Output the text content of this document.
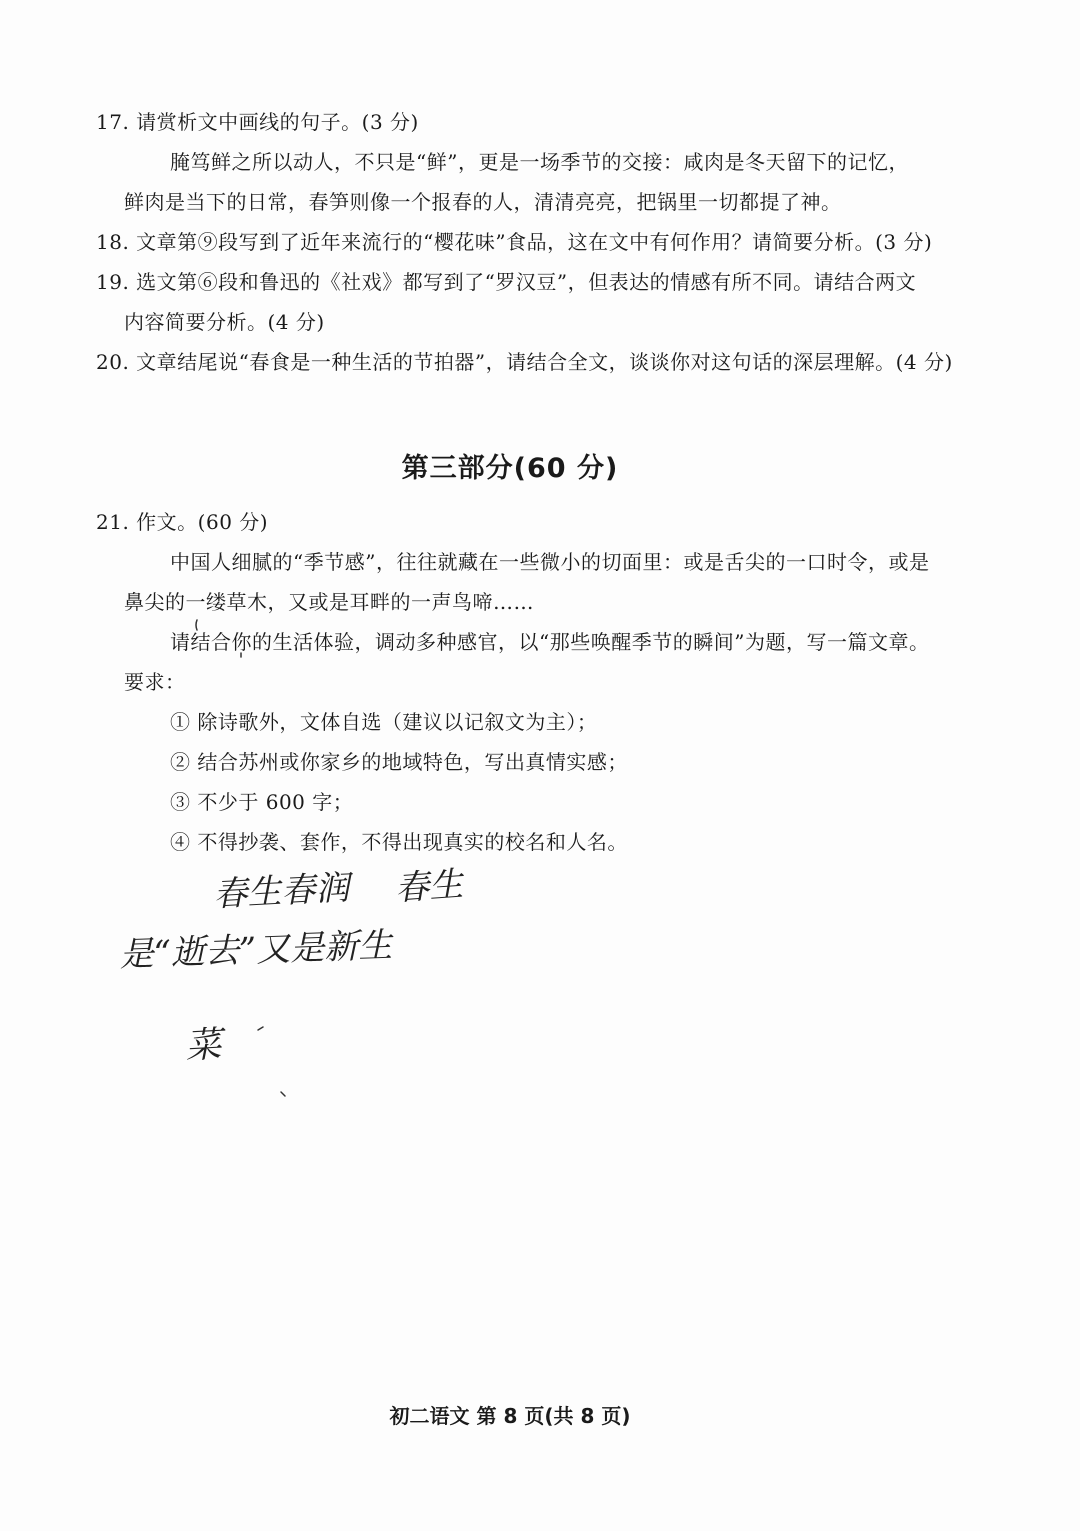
17. 请赏析文中画线的句子。(3 分)
腌笃鲜之所以动人，不只是“鲜”，更是一场季节的交接：咸肉是冬天留下的记忆，
鲜肉是当下的日常，春笋则像一个报春的人，清清亮亮，把锅里一切都提了神。
18. 文章第⑨段写到了近年来流行的“樱花味”食品，这在文中有何作用？请简要分析。(3 分)
19. 选文第⑥段和鲁迅的《社戏》都写到了“罗汉豆”，但表达的情感有所不同。请结合两文
内容简要分析。(4 分)
20. 文章结尾说“春食是一种生活的节拍器”，请结合全文，谈谈你对这句话的深层理解。(4 分)
第三部分(60 分)
21. 作文。(60 分)
中国人细腻的“季节感”，往往就藏在一些微小的切面里：或是舌尖的一口时令，或是
鼻尖的一缕草木，又或是耳畔的一声鸟啼……
请结合你的生活体验，调动多种感官，以“那些唤醒季节的瞬间”为题，写一篇文章。
要求：
① 除诗歌外，文体自选（建议以记叙文为主）；
② 结合苏州或你家乡的地域特色，写出真情实感；
③ 不少于 600 字；
④ 不得抄袭、套作，不得出现真实的校名和人名。
春生春润 春生
是“逝去”又是新生
菜
初二语文 第 8 页(共 8 页)
